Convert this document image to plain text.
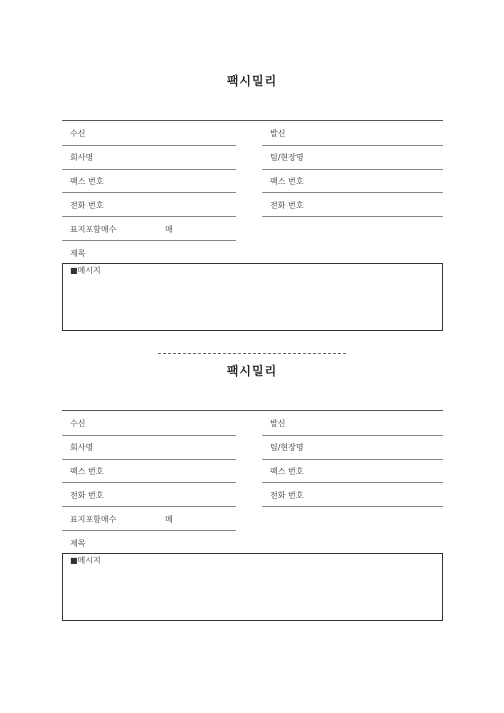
팩시밀리
수신	발신
회사명	팀/현장명
팩스 번호	팩스 번호
전화 번호	전화 번호
표지포함매수	매
제목
■메시지
팩시밀리
수신	발신
회사명	팀/현장명
팩스 번호	팩스 번호
전화 번호	전화 번호
표지포함매수	매
제목
■메시지
